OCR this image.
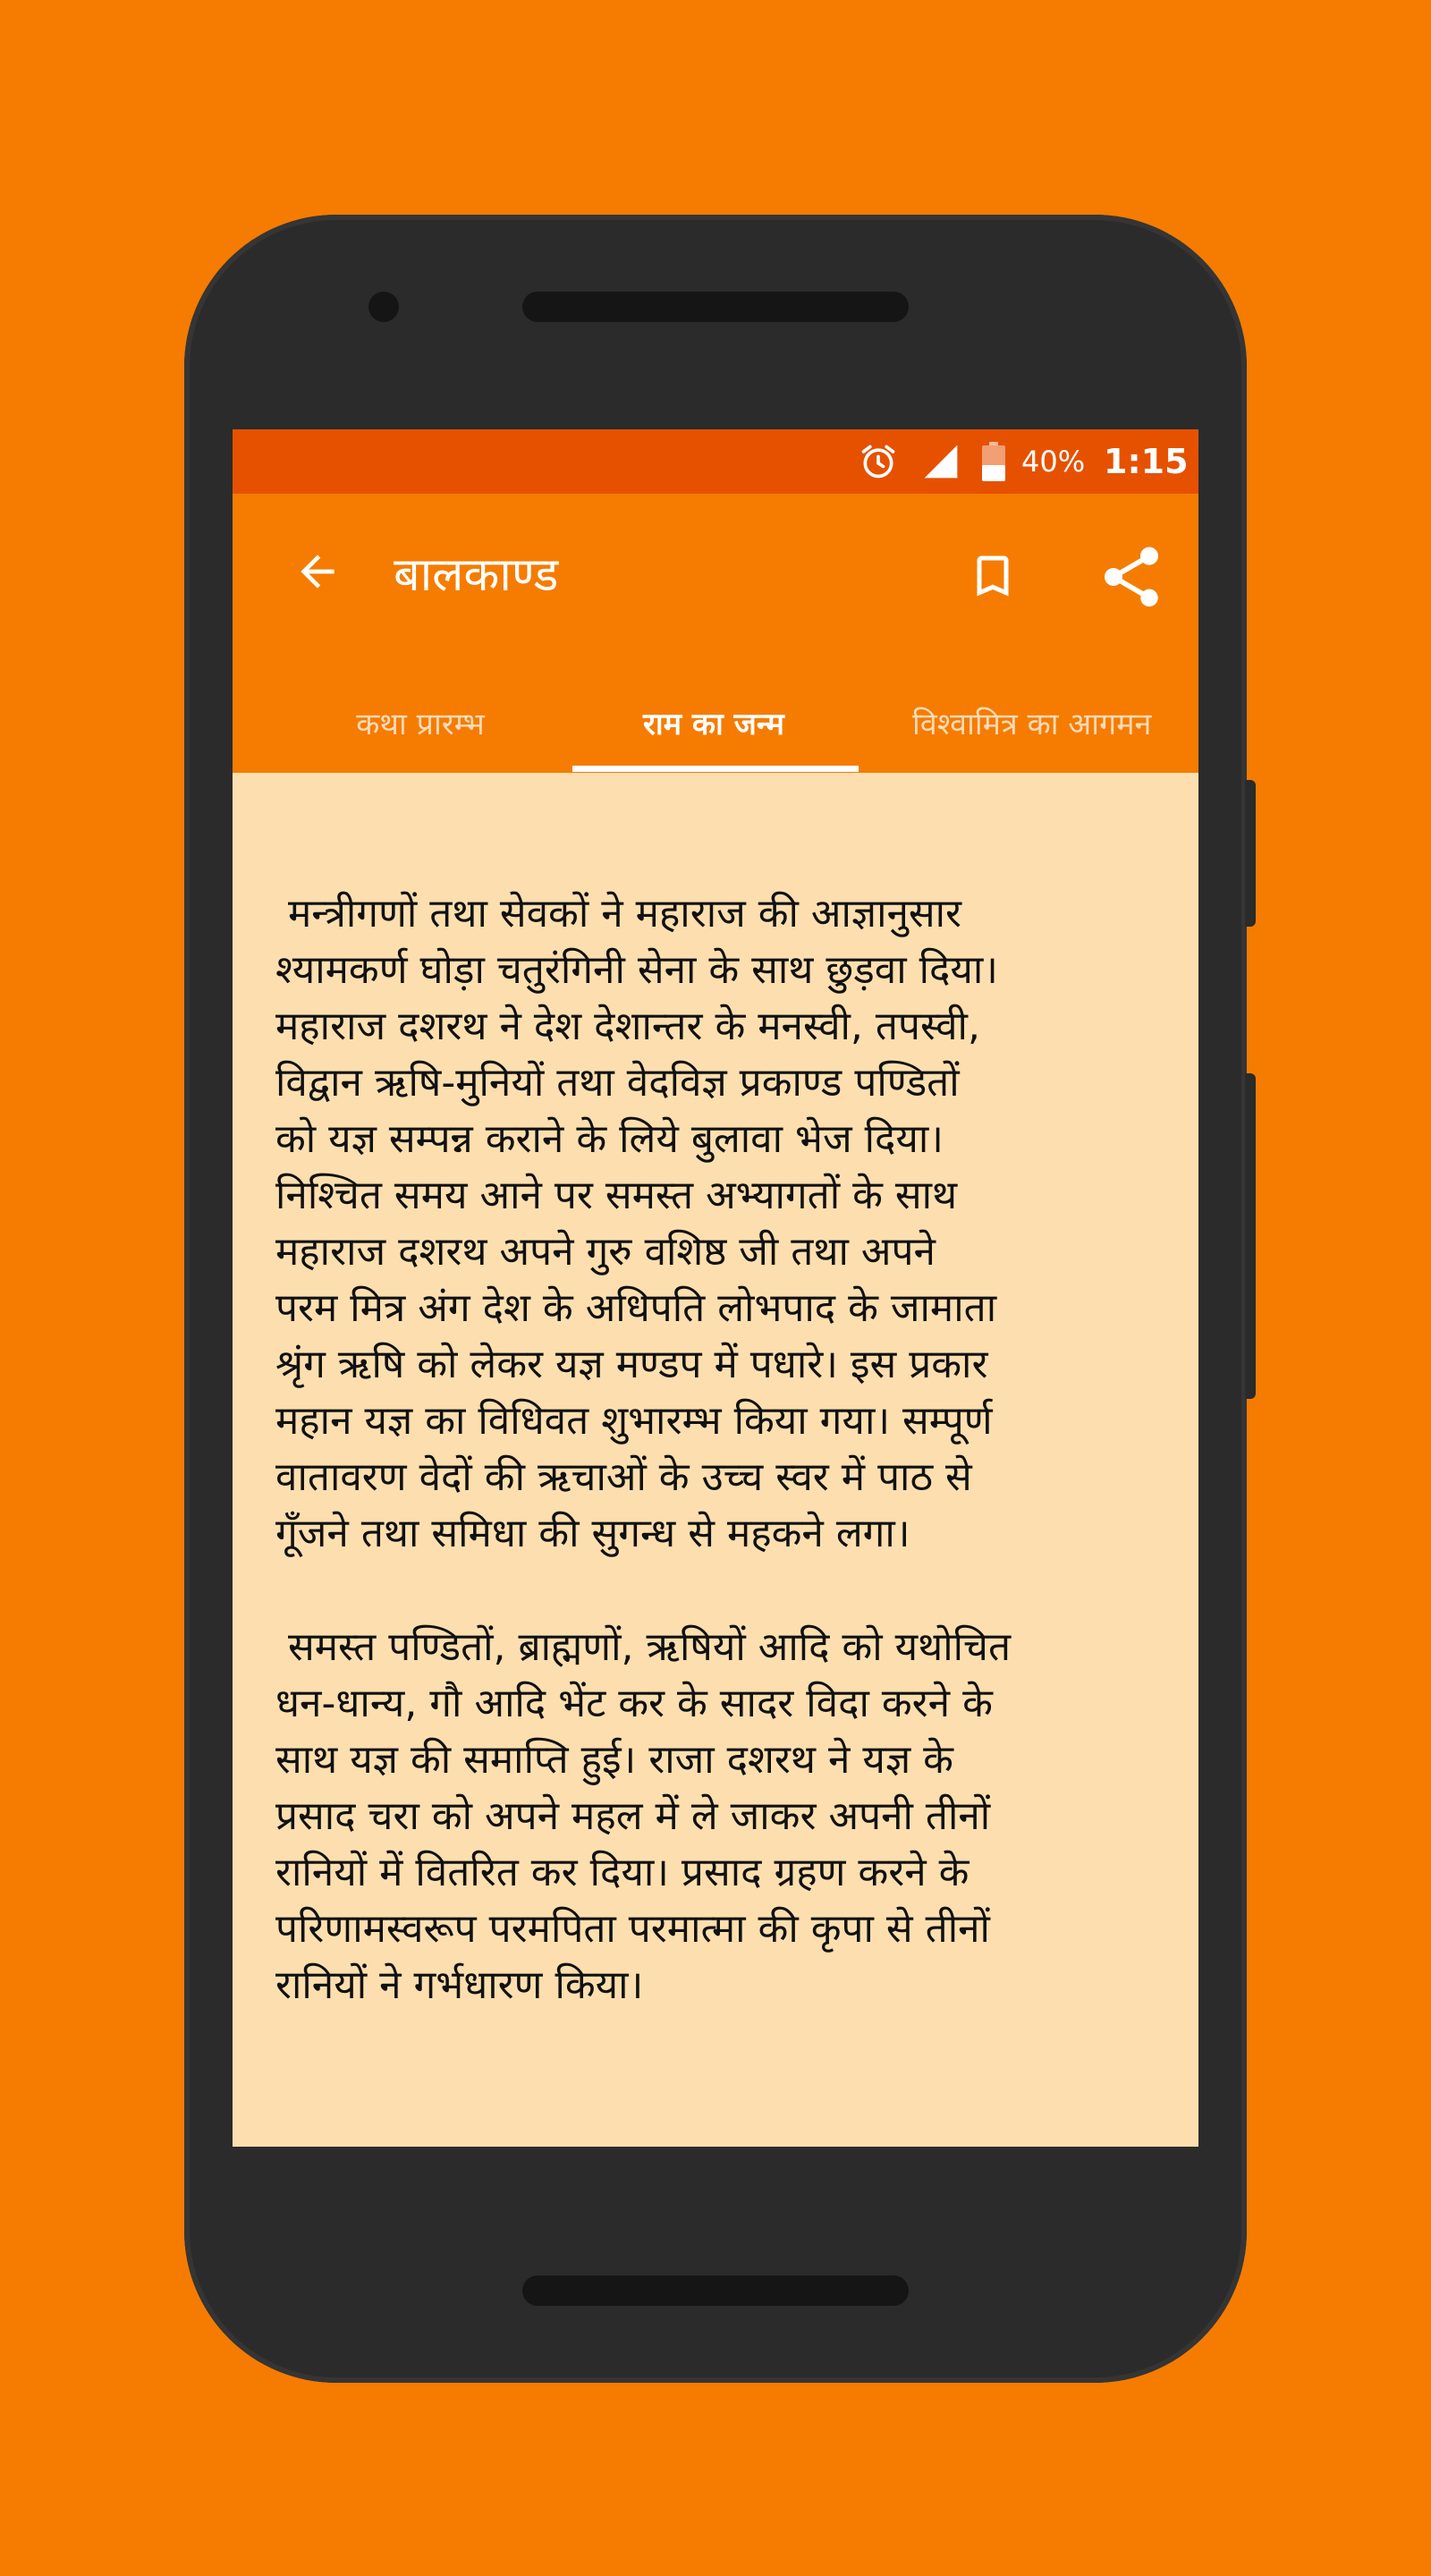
40% 1:15
बालकाण्ड
कथा प्रारम्भ	राम का जन्म	विश्वामित्र का आगमन

मन्त्रीगणों तथा सेवकों ने महाराज की आज्ञानुसार
श्यामकर्ण घोड़ा चतुरंगिनी सेना के साथ छुड़वा दिया।
महाराज दशरथ ने देश देशान्तर के मनस्वी, तपस्वी,
विद्वान ऋषि-मुनियों तथा वेदविज्ञ प्रकाण्ड पण्डितों
को यज्ञ सम्पन्न कराने के लिये बुलावा भेज दिया।
निश्चित समय आने पर समस्त अभ्यागतों के साथ
महाराज दशरथ अपने गुरु वशिष्ठ जी तथा अपने
परम मित्र अंग देश के अधिपति लोभपाद के जामाता
श्रृंग ऋषि को लेकर यज्ञ मण्डप में पधारे। इस प्रकार
महान यज्ञ का विधिवत शुभारम्भ किया गया। सम्पूर्ण
वातावरण वेदों की ऋचाओं के उच्च स्वर में पाठ से
गूँजने तथा समिधा की सुगन्ध से महकने लगा।

समस्त पण्डितों, ब्राह्मणों, ऋषियों आदि को यथोचित
धन-धान्य, गौ आदि भेंट कर के सादर विदा करने के
साथ यज्ञ की समाप्ति हुई। राजा दशरथ ने यज्ञ के
प्रसाद चरा को अपने महल में ले जाकर अपनी तीनों
रानियों में वितरित कर दिया। प्रसाद ग्रहण करने के
परिणामस्वरूप परमपिता परमात्मा की कृपा से तीनों
रानियों ने गर्भधारण किया।
